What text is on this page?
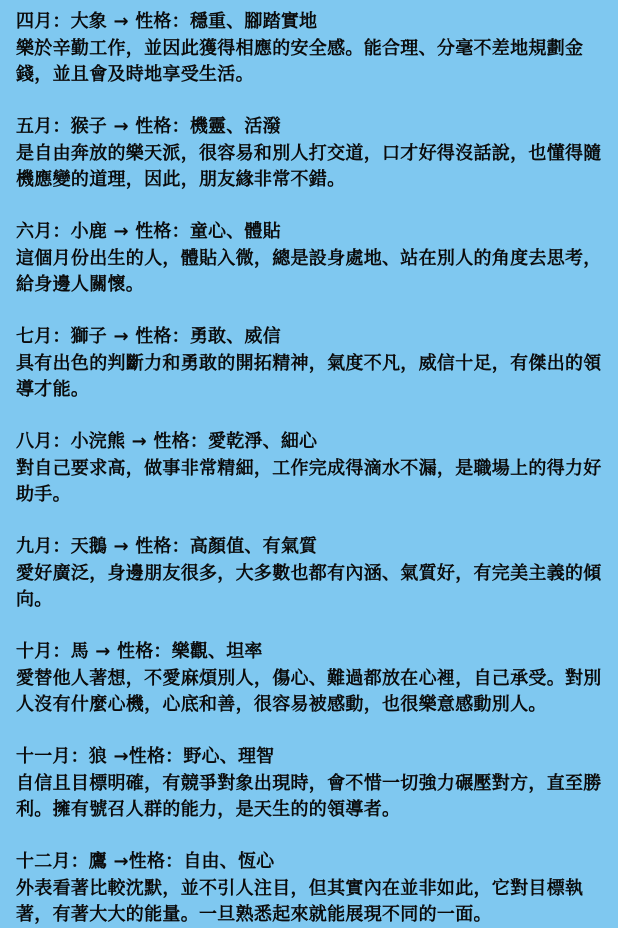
四月：大象 → 性格：穩重、腳踏實地
樂於辛勤工作，並因此獲得相應的安全感。能合理、分毫不差地規劃金錢，並且會及時地享受生活。
五月：猴子 → 性格：機靈、活潑
是自由奔放的樂天派，很容易和別人打交道，口才好得沒話說，也懂得隨機應變的道理，因此，朋友緣非常不錯。
六月：小鹿 → 性格：童心、體貼
這個月份出生的人，體貼入微，總是設身處地、站在別人的角度去思考，給身邊人關懷。
七月：獅子 → 性格：勇敢、威信
具有出色的判斷力和勇敢的開拓精神，氣度不凡，威信十足，有傑出的領導才能。
八月：小浣熊 → 性格：愛乾淨、細心
對自己要求高，做事非常精細，工作完成得滴水不漏，是職場上的得力好助手。
九月：天鵝 → 性格：高顏值、有氣質
愛好廣泛，身邊朋友很多，大多數也都有內涵、氣質好，有完美主義的傾向。
十月：馬 → 性格：樂觀、坦率
愛替他人著想，不愛麻煩別人，傷心、難過都放在心裡，自己承受。對別人沒有什麼心機，心底和善，很容易被感動，也很樂意感動別人。
十一月：狼 →性格：野心、理智
自信且目標明確，有競爭對象出現時，會不惜一切強力碾壓對方，直至勝利。擁有號召人群的能力，是天生的的領導者。
十二月：鷹 →性格：自由、恆心
外表看著比較沈默，並不引人注目，但其實內在並非如此，它對目標執著，有著大大的能量。一旦熟悉起來就能展現不同的一面。
